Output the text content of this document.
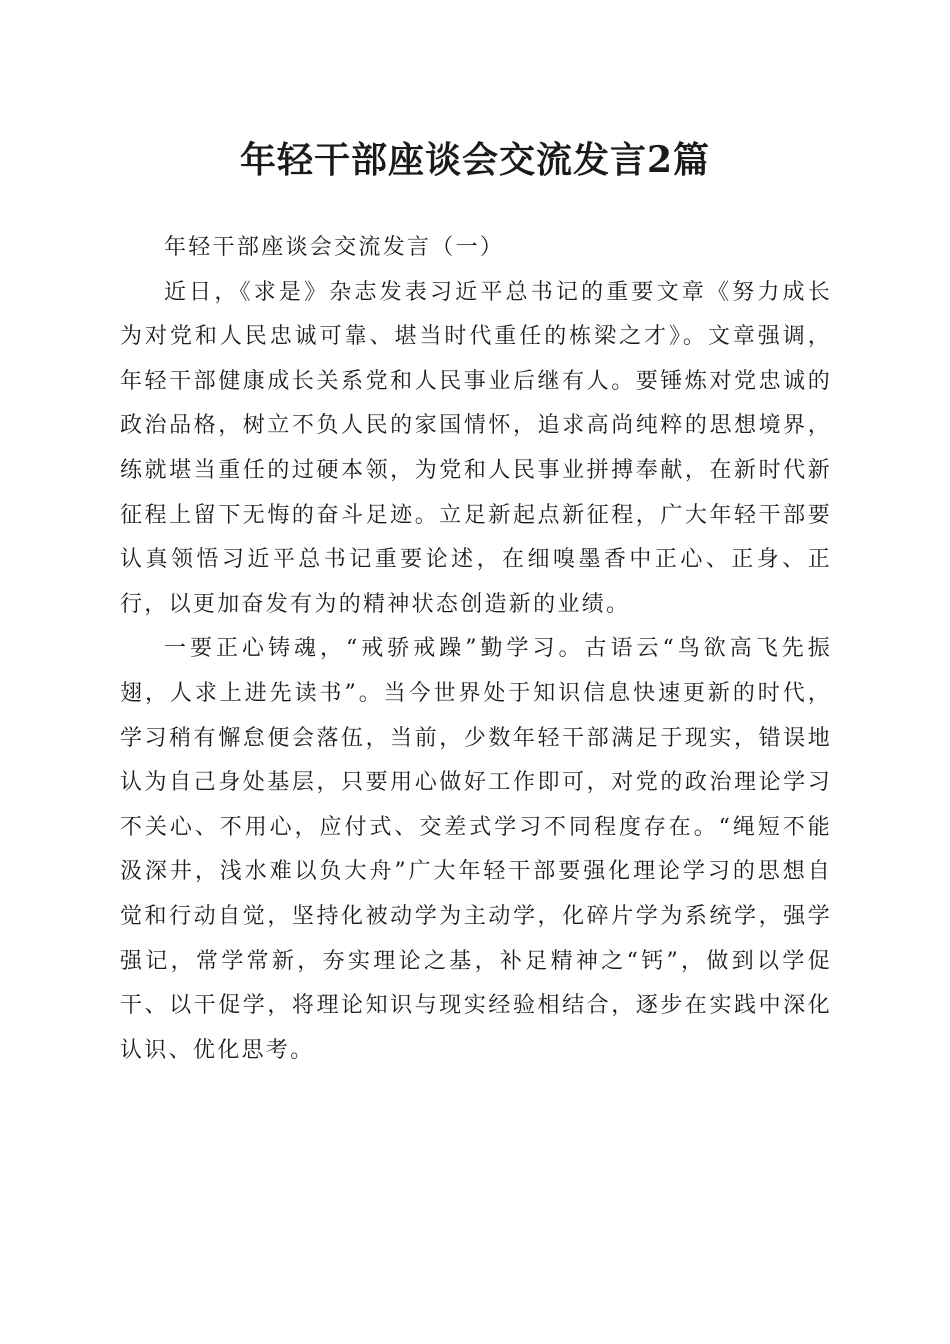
年轻干部座谈会交流发言2篇

年轻干部座谈会交流发言（一）

近日，《求是》杂志发表习近平总书记的重要文章《努力成长为对党和人民忠诚可靠、堪当时代重任的栋梁之才》。文章强调，年轻干部健康成长关系党和人民事业后继有人。要锤炼对党忠诚的政治品格，树立不负人民的家国情怀，追求高尚纯粹的思想境界，练就堪当重任的过硬本领，为党和人民事业拼搏奉献，在新时代新征程上留下无悔的奋斗足迹。立足新起点新征程，广大年轻干部要认真领悟习近平总书记重要论述，在细嗅墨香中正心、正身、正行，以更加奋发有为的精神状态创造新的业绩。

一要正心铸魂，“戒骄戒躁”勤学习。古语云“鸟欲高飞先振翅，人求上进先读书”。当今世界处于知识信息快速更新的时代，学习稍有懈怠便会落伍，当前，少数年轻干部满足于现实，错误地认为自己身处基层，只要用心做好工作即可，对党的政治理论学习不关心、不用心，应付式、交差式学习不同程度存在。“绳短不能汲深井，浅水难以负大舟”广大年轻干部要强化理论学习的思想自觉和行动自觉，坚持化被动学为主动学，化碎片学为系统学，强学强记，常学常新，夯实理论之基，补足精神之“钙”，做到以学促干、以干促学，将理论知识与现实经验相结合，逐步在实践中深化认识、优化思考。
